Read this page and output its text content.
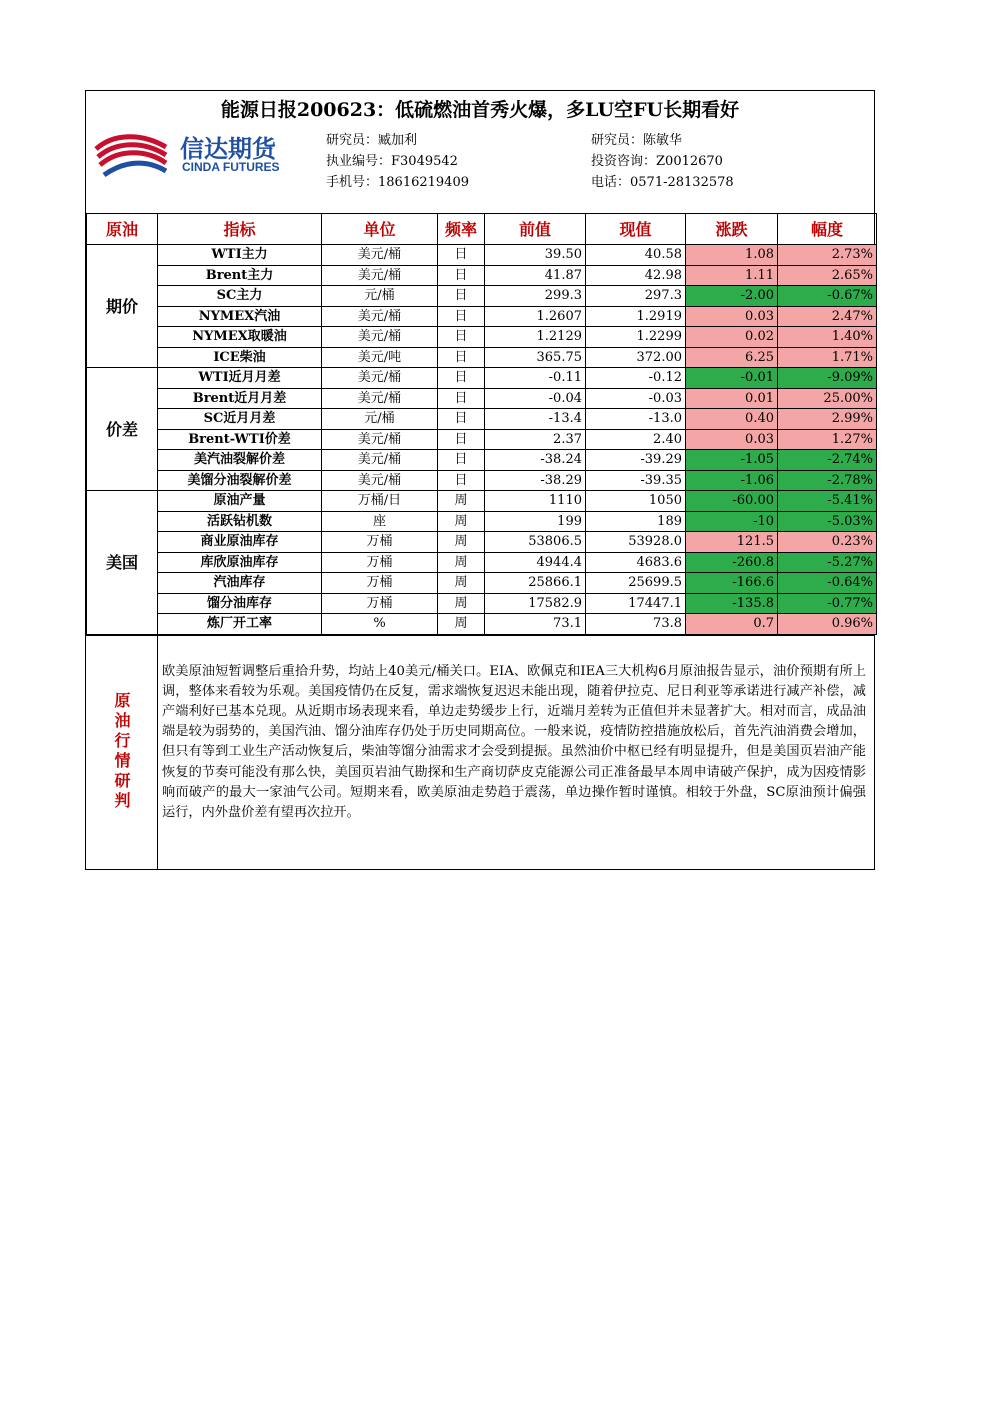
能源日报200623：低硫燃油首秀火爆，多LU空FU长期看好
信达期货
CINDA FUTURES
研究员：臧加利
执业编号：F3049542
手机号：18616219409
研究员：陈敏华
投资咨询：Z0012670
电话：0571-28132578
原油	指标	单位	频率	前值	现值	涨跌	幅度
期价	WTI主力	美元/桶	日	39.50	40.58	1.08	2.73%
	Brent主力	美元/桶	日	41.87	42.98	1.11	2.65%
	SC主力	元/桶	日	299.3	297.3	-2.00	-0.67%
	NYMEX汽油	美元/桶	日	1.2607	1.2919	0.03	2.47%
	NYMEX取暖油	美元/桶	日	1.2129	1.2299	0.02	1.40%
	ICE柴油	美元/吨	日	365.75	372.00	6.25	1.71%
价差	WTI近月月差	美元/桶	日	-0.11	-0.12	-0.01	-9.09%
	Brent近月月差	美元/桶	日	-0.04	-0.03	0.01	25.00%
	SC近月月差	元/桶	日	-13.4	-13.0	0.40	2.99%
	Brent-WTI价差	美元/桶	日	2.37	2.40	0.03	1.27%
	美汽油裂解价差	美元/桶	日	-38.24	-39.29	-1.05	-2.74%
	美馏分油裂解价差	美元/桶	日	-38.29	-39.35	-1.06	-2.78%
美国	原油产量	万桶/日	周	1110	1050	-60.00	-5.41%
	活跃钻机数	座	周	199	189	-10	-5.03%
	商业原油库存	万桶	周	53806.5	53928.0	121.5	0.23%
	库欣原油库存	万桶	周	4944.4	4683.6	-260.8	-5.27%
	汽油库存	万桶	周	25866.1	25699.5	-166.6	-0.64%
	馏分油库存	万桶	周	17582.9	17447.1	-135.8	-0.77%
	炼厂开工率	%	周	73.1	73.8	0.7	0.96%
原油行情研判
欧美原油短暂调整后重拾升势，均站上40美元/桶关口。EIA、欧佩克和IEA三大机构6月原油报告显示，油价预期有所上调，整体来看较为乐观。美国疫情仍在反复，需求端恢复迟迟未能出现，随着伊拉克、尼日利亚等承诺进行减产补偿，减产端利好已基本兑现。从近期市场表现来看，单边走势缓步上行，近端月差转为正值但并未显著扩大。相对而言，成品油端是较为弱势的，美国汽油、馏分油库存仍处于历史同期高位。一般来说，疫情防控措施放松后，首先汽油消费会增加，但只有等到工业生产活动恢复后，柴油等馏分油需求才会受到提振。虽然油价中枢已经有明显提升，但是美国页岩油产能恢复的节奏可能没有那么快，美国页岩油气勘探和生产商切萨皮克能源公司正准备最早本周申请破产保护，成为因疫情影响而破产的最大一家油气公司。短期来看，欧美原油走势趋于震荡，单边操作暂时谨慎。相较于外盘，SC原油预计偏强运行，内外盘价差有望再次拉开。
